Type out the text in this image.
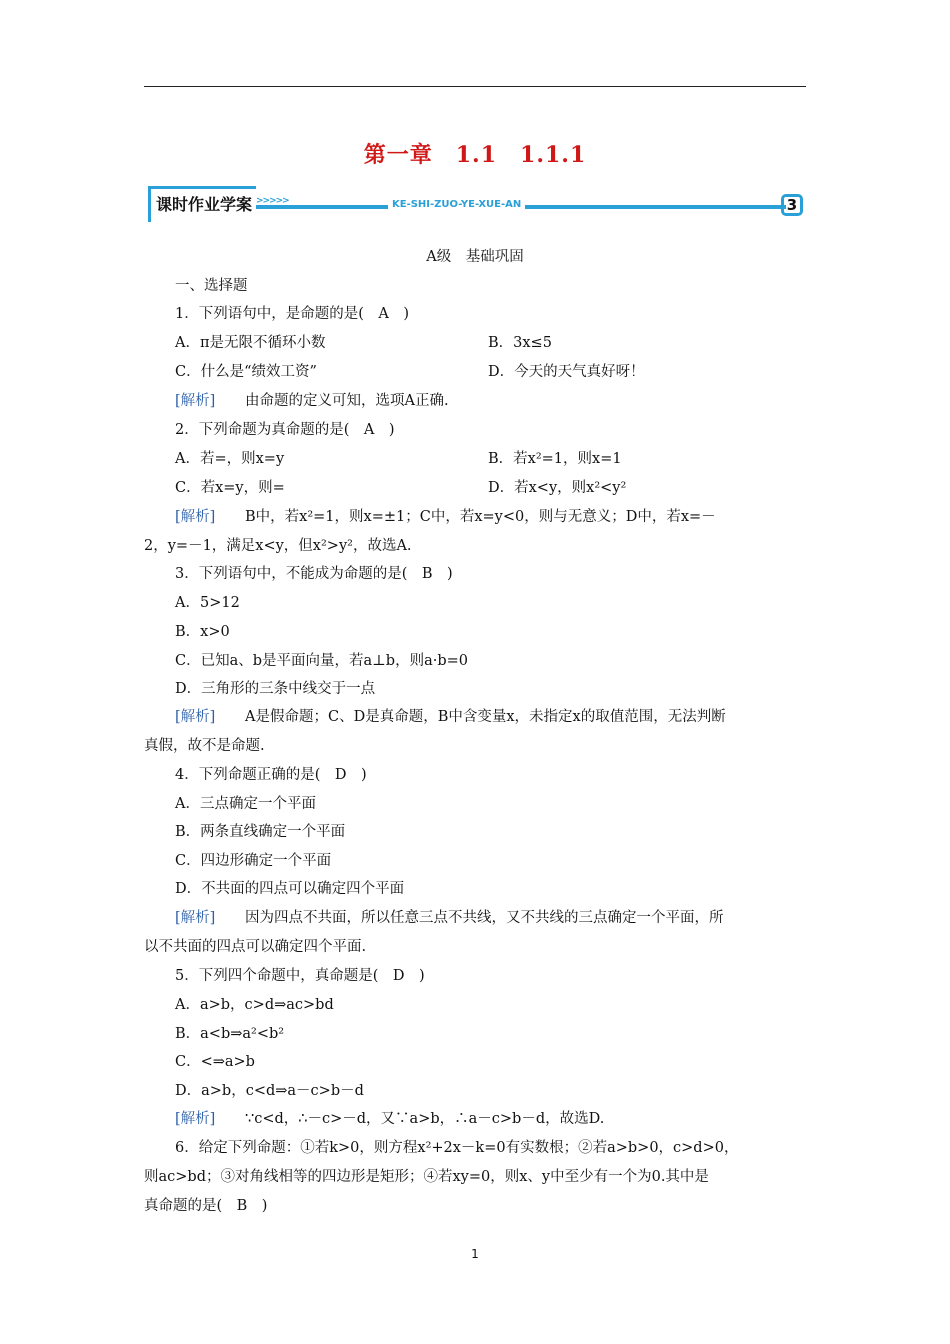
第一章　1.1　1.1.1
课时作业学案 >>>>>	KE-SHI-ZUO-YE-XUE-AN	3
A级　基础巩固
一、选择题
1．下列语句中，是命题的是(　A　)
A．π是无限不循环小数	B．3x≤5
C．什么是“绩效工资”	D．今天的天气真好呀！
[解析] 由命题的定义可知，选项A正确.
2．下列命题为真命题的是(　A　)
A．若=，则x=y	B．若x²=1，则x=1
C．若x=y，则=	D．若x<y，则x²<y²
[解析] B中，若x²=1，则x=±1；C中，若x=y<0，则与无意义；D中，若x=－
2，y=－1，满足x<y，但x²>y²，故选A.
3．下列语句中，不能成为命题的是(　B　)
A．5>12
B．x>0
C．已知a、b是平面向量，若a⊥b，则a·b=0
D．三角形的三条中线交于一点
[解析] A是假命题；C、D是真命题，B中含变量x，未指定x的取值范围，无法判断
真假，故不是命题.
4．下列命题正确的是(　D　)
A．三点确定一个平面
B．两条直线确定一个平面
C．四边形确定一个平面
D．不共面的四点可以确定四个平面
[解析] 因为四点不共面，所以任意三点不共线，又不共线的三点确定一个平面，所
以不共面的四点可以确定四个平面.
5．下列四个命题中，真命题是(　D　)
A．a>b，c>d⇒ac>bd
B．a<b⇒a²<b²
C．<⇒a>b
D．a>b，c<d⇒a－c>b－d
[解析] ∵c<d，∴－c>－d，又∵a>b，∴a－c>b－d，故选D.
6．给定下列命题：①若k>0，则方程x²+2x－k=0有实数根；②若a>b>0，c>d>0，
则ac>bd；③对角线相等的四边形是矩形；④若xy=0，则x、y中至少有一个为0.其中是
真命题的是(　B　)
1
